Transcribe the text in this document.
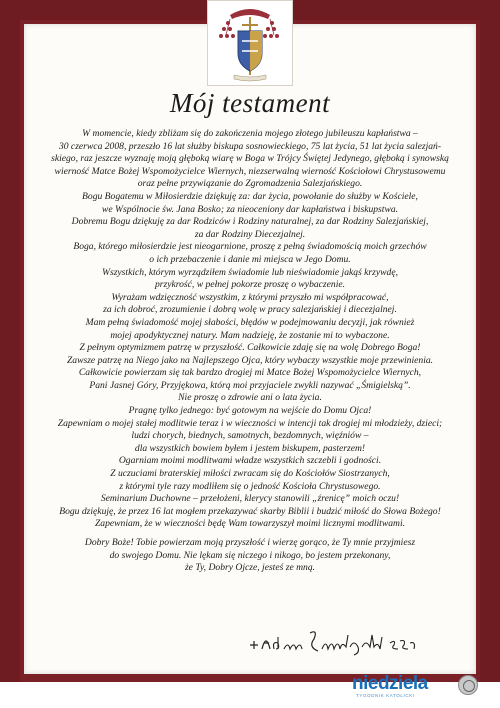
Mój testament

W momencie, kiedy zbliżam się do zakończenia mojego złotego jubileuszu kapłaństwa –

30 czerwca 2008, przeszło 16 lat służby biskupa sosnowieckiego, 75 lat życia, 51 lat życia salezjań-

skiego, raz jeszcze wyznaję moją głęboką wiarę w Boga w Trójcy Świętej Jedynego, głęboką i synowską

wierność Matce Bożej Wspomożycielce Wiernych, niezserwalną wierność Kościołowi Chrystusowemu

oraz pełne przywiązanie do Zgromadzenia Salezjańskiego.

Bogu Bogatemu w Miłosierdzie dziękuję za: dar życia, powołanie do służby w Kościele,

we Wspólnocie św. Jana Bosko; za nieoceniony dar kapłaństwa i biskupstwa.

Dobremu Bogu dziękuję za dar Rodziców i Rodziny naturalnej, za dar Rodziny Salezjańskiej,

za dar Rodziny Diecezjalnej.

Boga, którego miłosierdzie jest nieogarnione, proszę z pełną świadomością moich grzechów

o ich przebaczenie i danie mi miejsca w Jego Domu.

Wszystkich, którym wyrządziłem świadomie lub nieświadomie jakąś krzywdę,

przykrość, w pełnej pokorze proszę o wybaczenie.

Wyrażam wdzięczność wszystkim, z którymi przyszło mi współpracować,

za ich dobroć, zrozumienie i dobrą wolę w pracy salezjańskiej i diecezjalnej.

Mam pełną świadomość mojej słabości, błędów w podejmowaniu decyzji, jak również

mojej apodyktycznej natury. Mam nadzieję, że zostanie mi to wybaczone.

Z pełnym optymizmem patrzę w przyszłość. Całkowicie zdaję się na wolę Dobrego Boga!

Zawsze patrzę na Niego jako na Najlepszego Ojca, który wybaczy wszystkie moje przewinienia.

Całkowicie powierzam się tak bardzo drogiej mi Matce Bożej Wspomożycielce Wiernych,

Pani Jasnej Góry, Przyjękowa, którą moi przyjaciele zwykli nazywać „Śmigielską”.

Nie proszę o zdrowie ani o lata życia.

Pragnę tylko jednego: być gotowym na wejście do Domu Ojca!

Zapewniam o mojej stałej modlitwie teraz i w wieczności w intencji tak drogiej mi młodzieży, dzieci;

ludzi chorych, biednych, samotnych, bezdomnych, więźniów –

dla wszystkich bowiem byłem i jestem biskupem, pasterzem!

Ogarniam moimi modlitwami władze wszystkich szczebli i godności.

Z uczuciami braterskiej miłości zwracam się do Kościołów Siostrzanych,

z którymi tyle razy modliłem się o jedność Kościoła Chrystusowego.

Seminarium Duchowne – przełożeni, klerycy stanowili „źrenicę” moich oczu!

Bogu dziękuję, że przez 16 lat mogłem przekazywać skarby Biblii i budzić miłość do Słowa Bożego!

Zapewniam, że w wieczności będę Wam towarzyszył moimi licznymi modlitwami.

Dobry Boże! Tobie powierzam moją przyszłość i wierzę gorąco, że Ty mnie przyjmiesz

do swojego Domu. Nie lękam się niczego i nikogo, bo jestem przekonany,

że Ty, Dobry Ojcze, jesteś ze mną.

niedziela
TYGODNIK KATOLICKI
